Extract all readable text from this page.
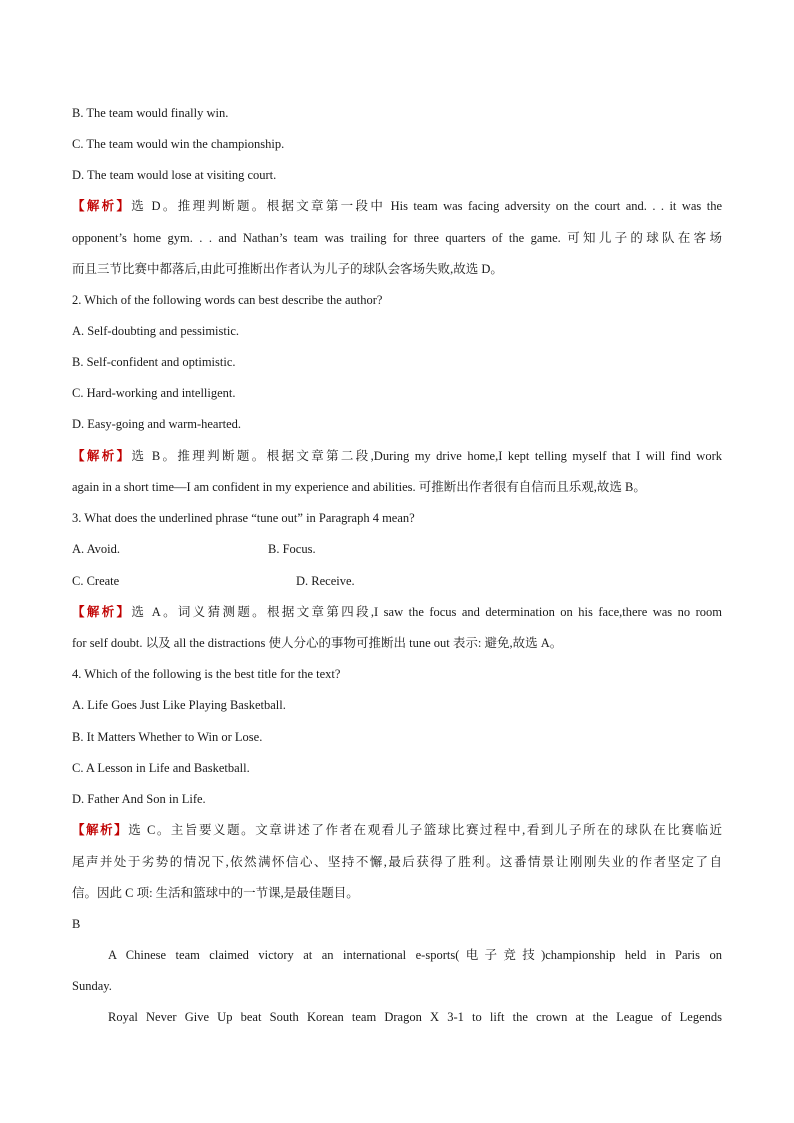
B. The team would finally win.
C. The team would win the championship.
D. The team would lose at visiting court.
【解析】选 D。推理判断题。根据文章第一段中 His team was facing adversity on the court and. . . it was the
opponent’s home gym. . . and Nathan’s team was trailing for three quarters of the game. 可知儿子的球队在客场
而且三节比赛中都落后,由此可推断出作者认为儿子的球队会客场失败,故选 D。
2. Which of the following words can best describe the author?
A. Self-doubting and pessimistic.
B. Self-confident and optimistic.
C. Hard-working and intelligent.
D. Easy-going and warm-hearted.
【解析】选 B。推理判断题。根据文章第二段,During my drive home,I kept telling myself that I will find work
again in a short time—I am confident in my experience and abilities. 可推断出作者很有自信而且乐观,故选 B。
3. What does the underlined phrase “tune out” in Paragraph 4 mean?
A. Avoid.	B. Focus.
C. Create	D. Receive.
【解析】选 A。词义猜测题。根据文章第四段,I saw the focus and determination on his face,there was no room
for self doubt. 以及 all the distractions 使人分心的事物可推断出 tune out 表示: 避免,故选 A。
4. Which of the following is the best title for the text?
A. Life Goes Just Like Playing Basketball.
B. It Matters Whether to Win or Lose.
C. A Lesson in Life and Basketball.
D. Father And Son in Life.
【解析】选 C。主旨要义题。文章讲述了作者在观看儿子篮球比赛过程中,看到儿子所在的球队在比赛临近
尾声并处于劣势的情况下,依然满怀信心、坚持不懈,最后获得了胜利。这番情景让刚刚失业的作者坚定了自
信。因此 C 项: 生活和篮球中的一节课,是最佳题目。
B
A Chinese team claimed victory at an international e-sports(电子竞技)championship held in Paris on
Sunday.
Royal Never Give Up beat South Korean team Dragon X 3-1 to lift the crown at the League of Legends
